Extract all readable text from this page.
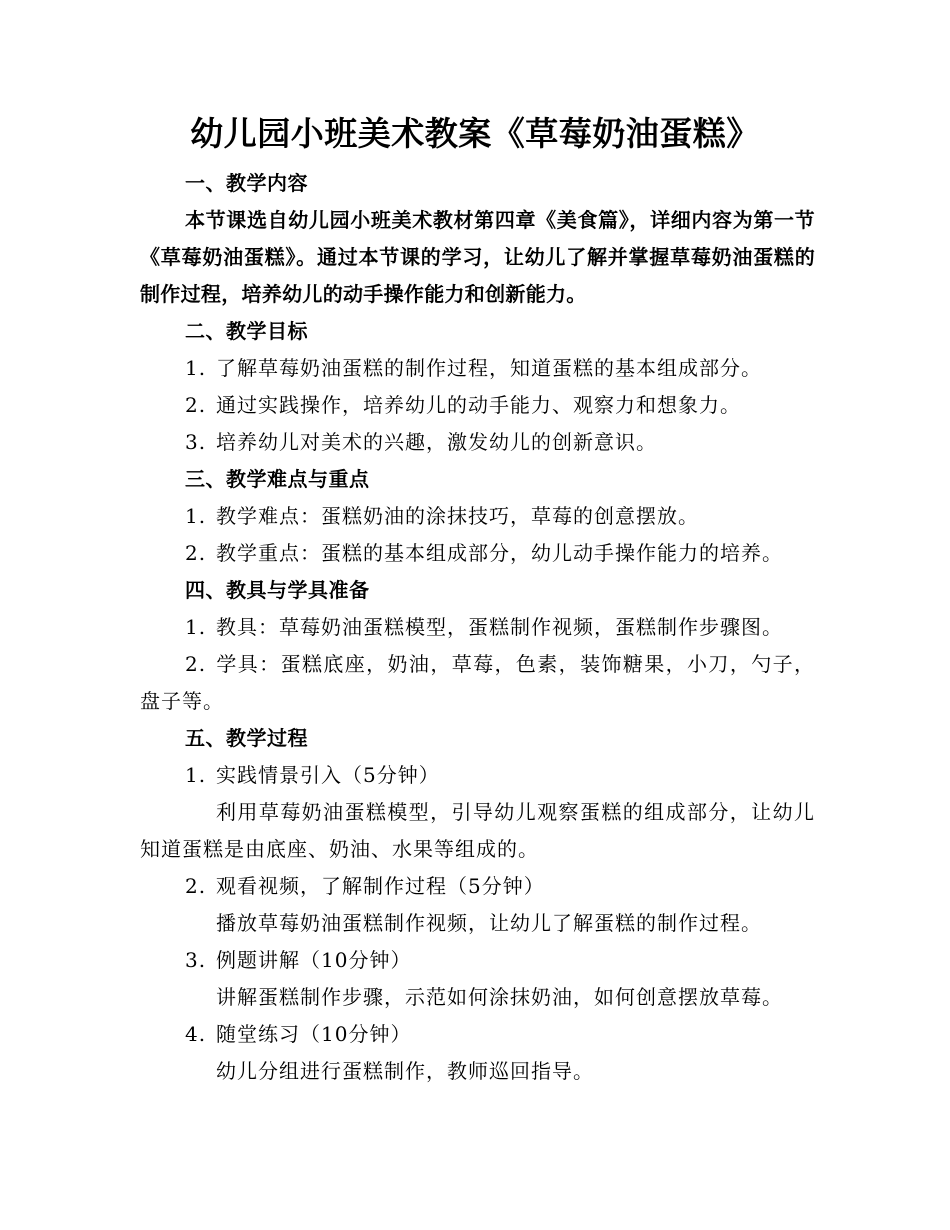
幼儿园小班美术教案《草莓奶油蛋糕》

一、教学内容

本节课选自幼儿园小班美术教材第四章《美食篇》，详细内容为第一节《草莓奶油蛋糕》。通过本节课的学习，让幼儿了解并掌握草莓奶油蛋糕的制作过程，培养幼儿的动手操作能力和创新能力。

二、教学目标

1. 了解草莓奶油蛋糕的制作过程，知道蛋糕的基本组成部分。

2. 通过实践操作，培养幼儿的动手能力、观察力和想象力。

3. 培养幼儿对美术的兴趣，激发幼儿的创新意识。

三、教学难点与重点

1. 教学难点：蛋糕奶油的涂抹技巧，草莓的创意摆放。

2. 教学重点：蛋糕的基本组成部分，幼儿动手操作能力的培养。

四、教具与学具准备

1. 教具：草莓奶油蛋糕模型，蛋糕制作视频，蛋糕制作步骤图。

2. 学具：蛋糕底座，奶油，草莓，色素，装饰糖果，小刀，勺子，盘子等。

五、教学过程

1. 实践情景引入（5分钟）

利用草莓奶油蛋糕模型，引导幼儿观察蛋糕的组成部分，让幼儿知道蛋糕是由底座、奶油、水果等组成的。

2. 观看视频，了解制作过程（5分钟）

播放草莓奶油蛋糕制作视频，让幼儿了解蛋糕的制作过程。

3. 例题讲解（10分钟）

讲解蛋糕制作步骤，示范如何涂抹奶油，如何创意摆放草莓。

4. 随堂练习（10分钟）

幼儿分组进行蛋糕制作，教师巡回指导。
